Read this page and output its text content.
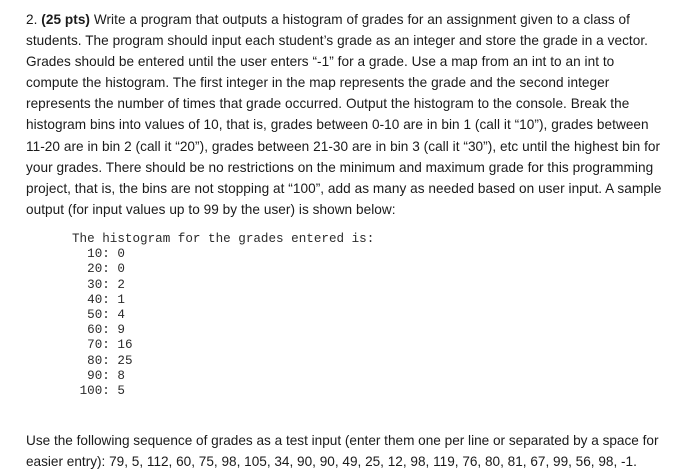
2. (25 pts) Write a program that outputs a histogram of grades for an assignment given to a class of students. The program should input each student’s grade as an integer and store the grade in a vector. Grades should be entered until the user enters “-1” for a grade. Use a map from an int to an int to compute the histogram. The first integer in the map represents the grade and the second integer represents the number of times that grade occurred. Output the histogram to the console. Break the histogram bins into values of 10, that is, grades between 0-10 are in bin 1 (call it “10”), grades between 11-20 are in bin 2 (call it “20”), grades between 21-30 are in bin 3 (call it “30”), etc until the highest bin for your grades. There should be no restrictions on the minimum and maximum grade for this programming project, that is, the bins are not stopping at “100”, add as many as needed based on user input. A sample output (for input values up to 99 by the user) is shown below:

The histogram for the grades entered is:
10: 0
20: 0
30: 2
40: 1
50: 4
60: 9
70: 16
80: 25
90: 8
100: 5

Use the following sequence of grades as a test input (enter them one per line or separated by a space for easier entry): 79, 5, 112, 60, 75, 98, 105, 34, 90, 90, 49, 25, 12, 98, 119, 76, 80, 81, 67, 99, 56, 98, -1.
